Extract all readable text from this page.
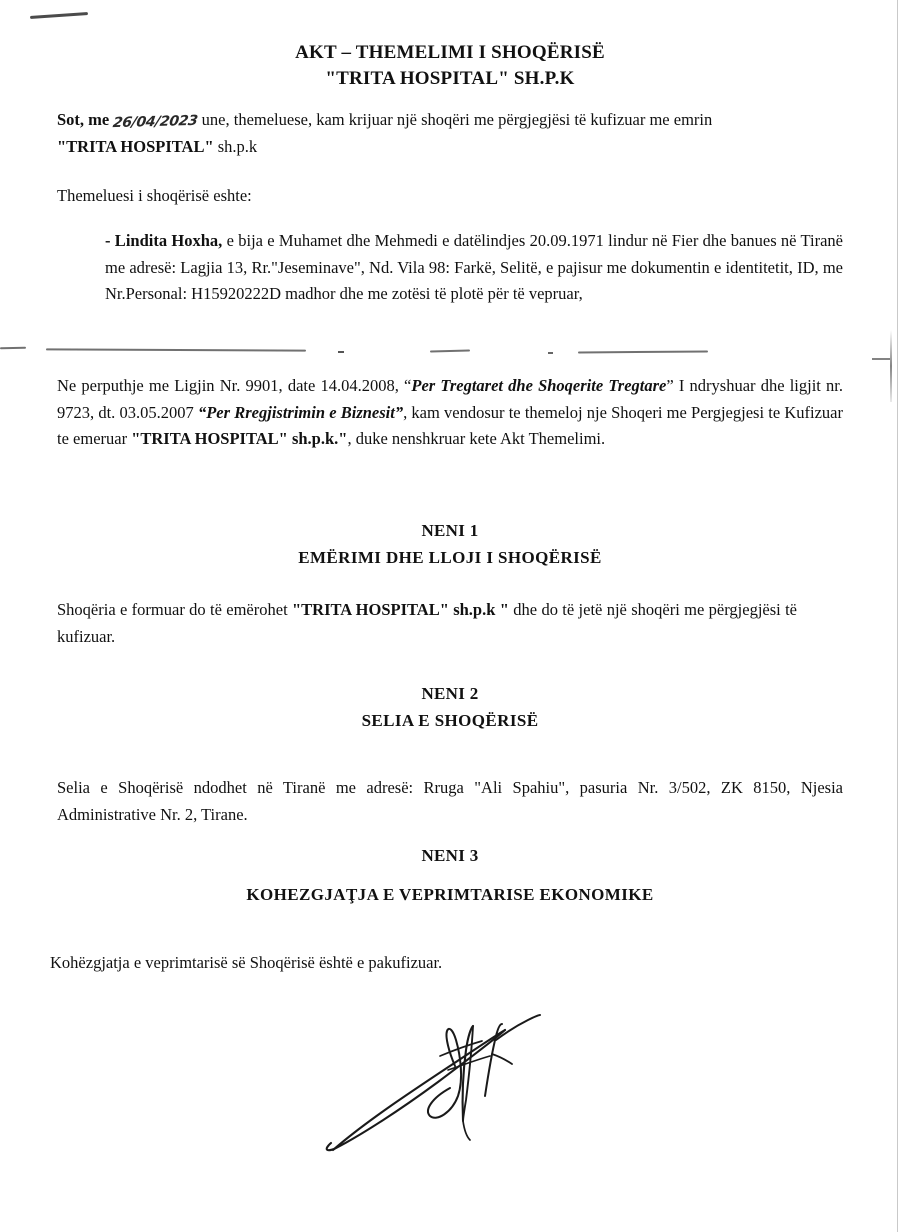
AKT – THEMELIMI I SHOQËRISË
"TRITA HOSPITAL" SH.P.K
Sot, me 26/04/2023 une, themeluese, kam krijuar një shoqëri me përgjegjësi të kufizuar me emrin
"TRITA HOSPITAL" sh.p.k
Themeluesi i shoqërisë eshte:
- Lindita Hoxha, e bija e Muhamet dhe Mehmedi e datëlindjes 20.09.1971 lindur në Fier dhe banues në Tiranë me adresë: Lagjia 13, Rr."Jeseminave", Nd. Vila 98: Farkë, Selitë, e pajisur me dokumentin e identitetit, ID, me Nr.Personal: H15920222D madhor dhe me zotësi të plotë për të vepruar,
Ne perputhje me Ligjin Nr. 9901, date 14.04.2008, “Per Tregtaret dhe Shoqerite Tregtare” I ndryshuar dhe ligjit nr. 9723, dt. 03.05.2007 “Per Rregjistrimin e Biznesit”, kam vendosur te themeloj nje Shoqeri me Pergjegjesi te Kufizuar te emeruar "TRITA HOSPITAL" sh.p.k.", duke nenshkruar kete Akt Themelimi.
NENI 1
EMËRIMI DHE LLOJI I SHOQËRISË
Shoqëria e formuar do të emërohet "TRITA HOSPITAL" sh.p.k " dhe do të jetë një shoqëri me përgjegjësi të kufizuar.
NENI 2
SELIA E SHOQËRISË
Selia e Shoqërisë ndodhet në Tiranë me adresë: Rruga "Ali Spahiu", pasuria Nr. 3/502, ZK 8150, Njesia Administrative Nr. 2, Tirane.
NENI 3
KOHEZGJAŢJA E VEPRIMTARISE EKONOMIKE
Kohëzgjatja e veprimtarisë së Shoqërisë është e pakufizuar.
